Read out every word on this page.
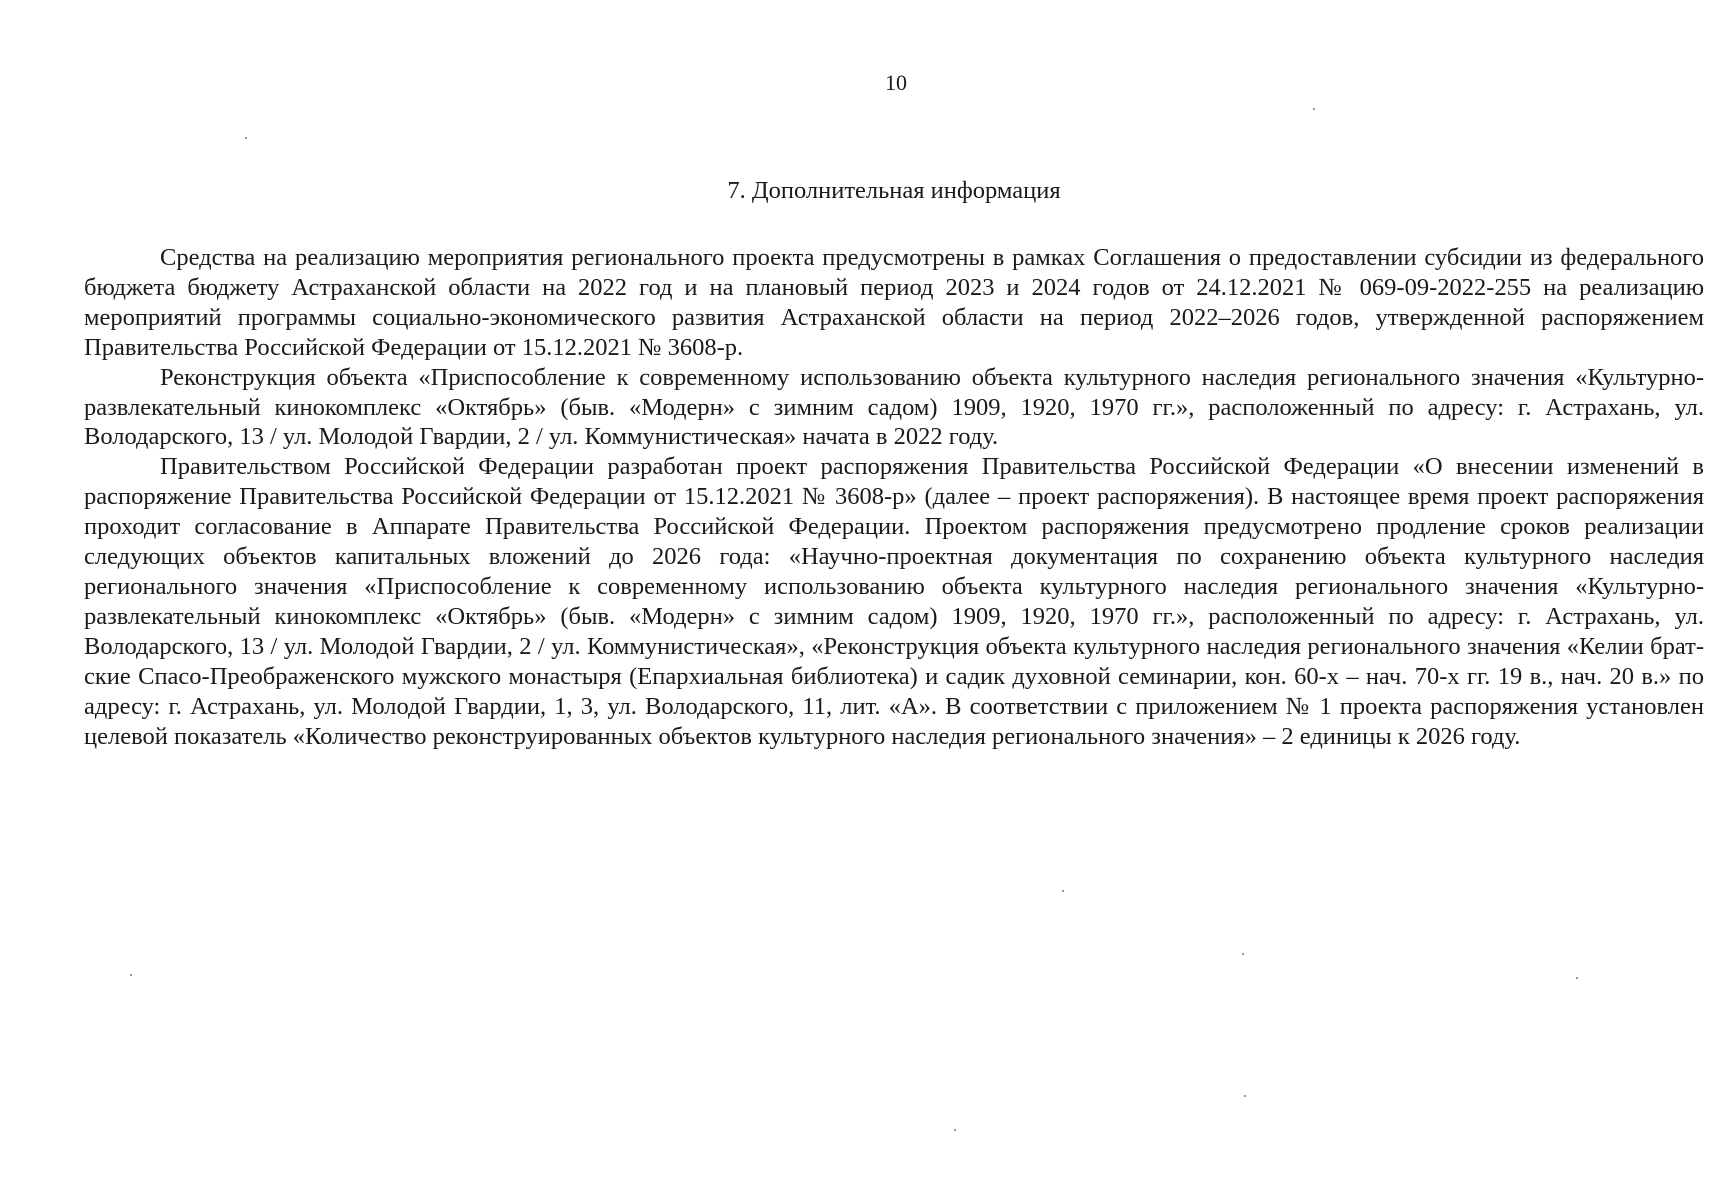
10

7. Дополнительная информация

Средства на реализацию мероприятия регионального проекта предусмотрены в рамках Соглашения о предоставлении субсидии из федерального бюджета бюджету Астраханской области на 2022 год и на плановый период 2023 и 2024 годов от 24.12.2021 № 069-09-2022-255 на реализацию мероприятий программы социально-экономического развития Астраханской области на период 2022–2026 годов, утвержденной распоряжением Правительства Российской Федерации от 15.12.2021 № 3608-р.

Реконструкция объекта «Приспособление к современному использованию объекта культурного наследия регионального значения «Культурно-развлекательный кинокомплекс «Октябрь» (быв. «Модерн» с зимним садом) 1909, 1920, 1970 гг.», расположенный по адресу: г. Астрахань, ул. Володарского, 13 / ул. Молодой Гвардии, 2 / ул. Коммунистическая» начата в 2022 году.

Правительством Российской Федерации разработан проект распоряжения Правительства Российской Федерации «О внесении изменений в распоряжение Правительства Российской Федерации от 15.12.2021 № 3608-р» (далее – проект распоряжения). В настоящее время проект распоряжения проходит согласование в Аппарате Правительства Российской Федерации. Проектом распоряжения предусмотрено продление сроков реализации следующих объектов капитальных вложений до 2026 года: «Научно-проектная документация по сохранению объекта культурного наследия регионального значения «Приспособление к современному использованию объекта культурного наследия регионального значения «Культурно-развлекательный кинокомплекс «Октябрь» (быв. «Модерн» с зимним садом) 1909, 1920, 1970 гг.», расположенный по адресу: г. Астрахань, ул. Володарского, 13 / ул. Молодой Гвардии, 2 / ул. Коммунистическая», «Реконструкция объекта культурного наследия регионального значения «Келии братские Спасо-Преображенского мужского монастыря (Епархиальная библиотека) и садик духовной семинарии, кон. 60-х – нач. 70-х гг. 19 в., нач. 20 в.» по адресу: г. Астрахань, ул. Молодой Гвардии, 1, 3, ул. Володарского, 11, лит. «А». В соответствии с приложением № 1 проекта распоряжения установлен целевой показатель «Количество реконструированных объектов культурного наследия регионального значения» – 2 единицы к 2026 году.
